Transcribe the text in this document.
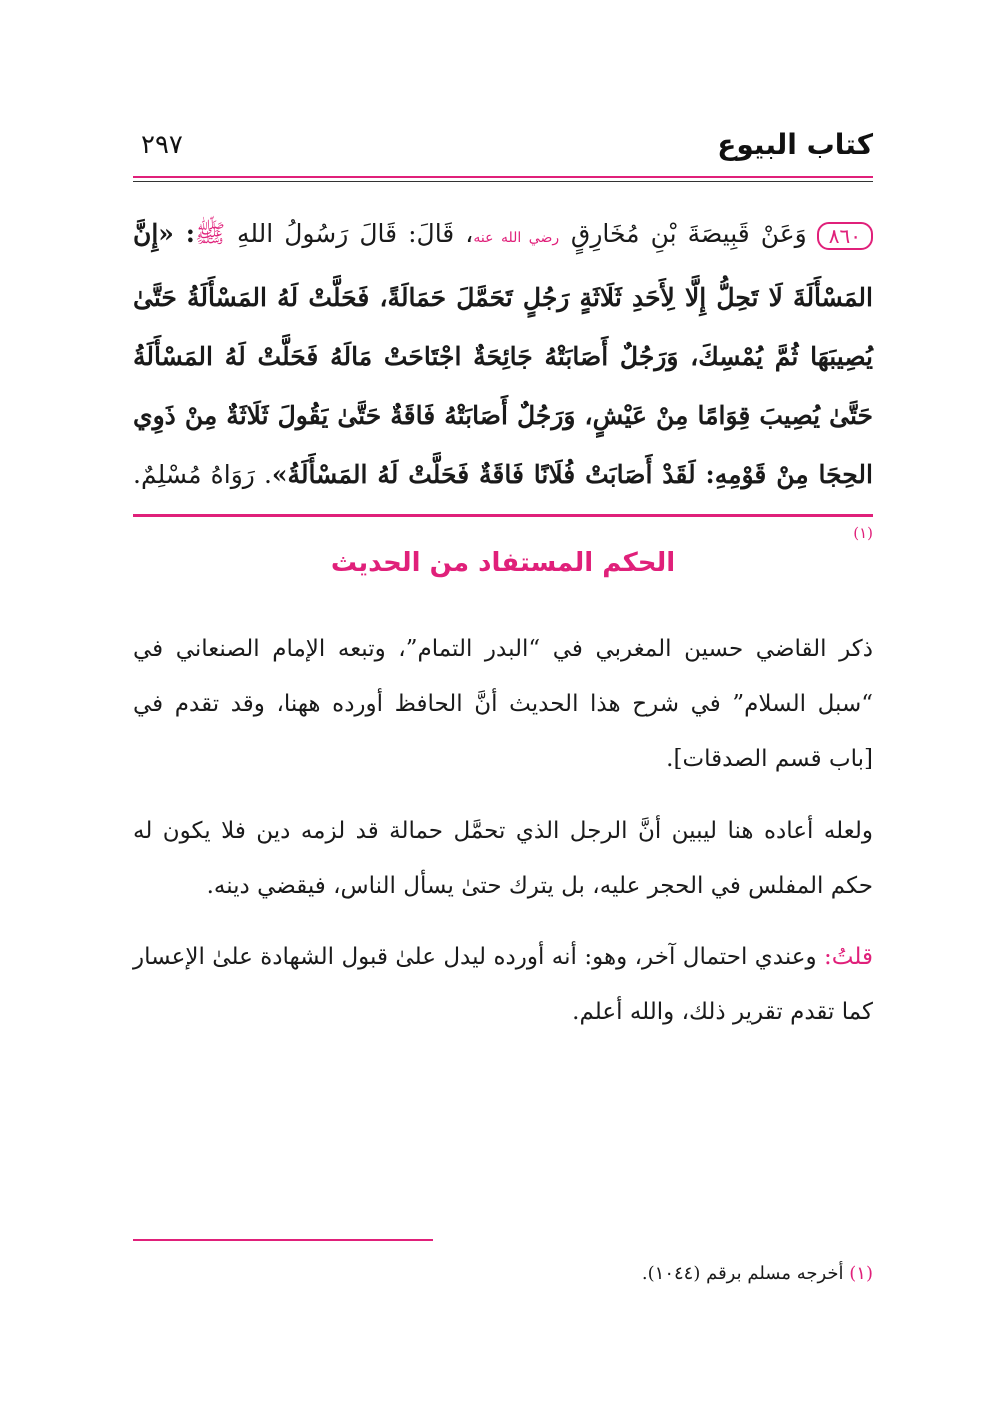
كتاب البيوع
٢٩٧
٨٦٠وَعَنْ قَبِيصَةَ بْنِ مُخَارِقٍ رضي الله عنه، قَالَ: قَالَ رَسُولُ اللهِ ﷺ: «إِنَّ المَسْأَلَةَ لَا تَحِلُّ إِلَّا لِأَحَدِ ثَلَاثَةٍ رَجُلٍ تَحَمَّلَ حَمَالَةً، فَحَلَّتْ لَهُ المَسْأَلَةُ حَتَّىٰ يُصِيبَهَا ثُمَّ يُمْسِكَ، وَرَجُلٌ أَصَابَتْهُ جَائِحَةٌ اجْتَاحَتْ مَالَهُ فَحَلَّتْ لَهُ المَسْأَلَةُ حَتَّىٰ يُصِيبَ قِوَامًا مِنْ عَيْشٍ، وَرَجُلٌ أَصَابَتْهُ فَاقَةٌ حَتَّىٰ يَقُولَ ثَلَاثَةٌ مِنْ ذَوِي الحِجَا مِنْ قَوْمِهِ: لَقَدْ أَصَابَتْ فُلَانًا فَاقَةٌ فَحَلَّتْ لَهُ المَسْأَلَةُ». رَوَاهُ مُسْلِمٌ.$^{(١)}$
الحكم المستفاد من الحديث
ذكر القاضي حسين المغربي في “البدر التمام”، وتبعه الإمام الصنعاني في “سبل السلام” في شرح هذا الحديث أنَّ الحافظ أورده ههنا، وقد تقدم في [باب قسم الصدقات].
ولعله أعاده هنا ليبين أنَّ الرجل الذي تحمَّل حمالة قد لزمه دين فلا يكون له حكم المفلس في الحجر عليه، بل يترك حتىٰ يسأل الناس، فيقضي دينه.
قلتُ: وعندي احتمال آخر، وهو: أنه أورده ليدل علىٰ قبول الشهادة علىٰ الإعسار كما تقدم تقرير ذلك، والله أعلم.
(١) أخرجه مسلم برقم (١٠٤٤).
